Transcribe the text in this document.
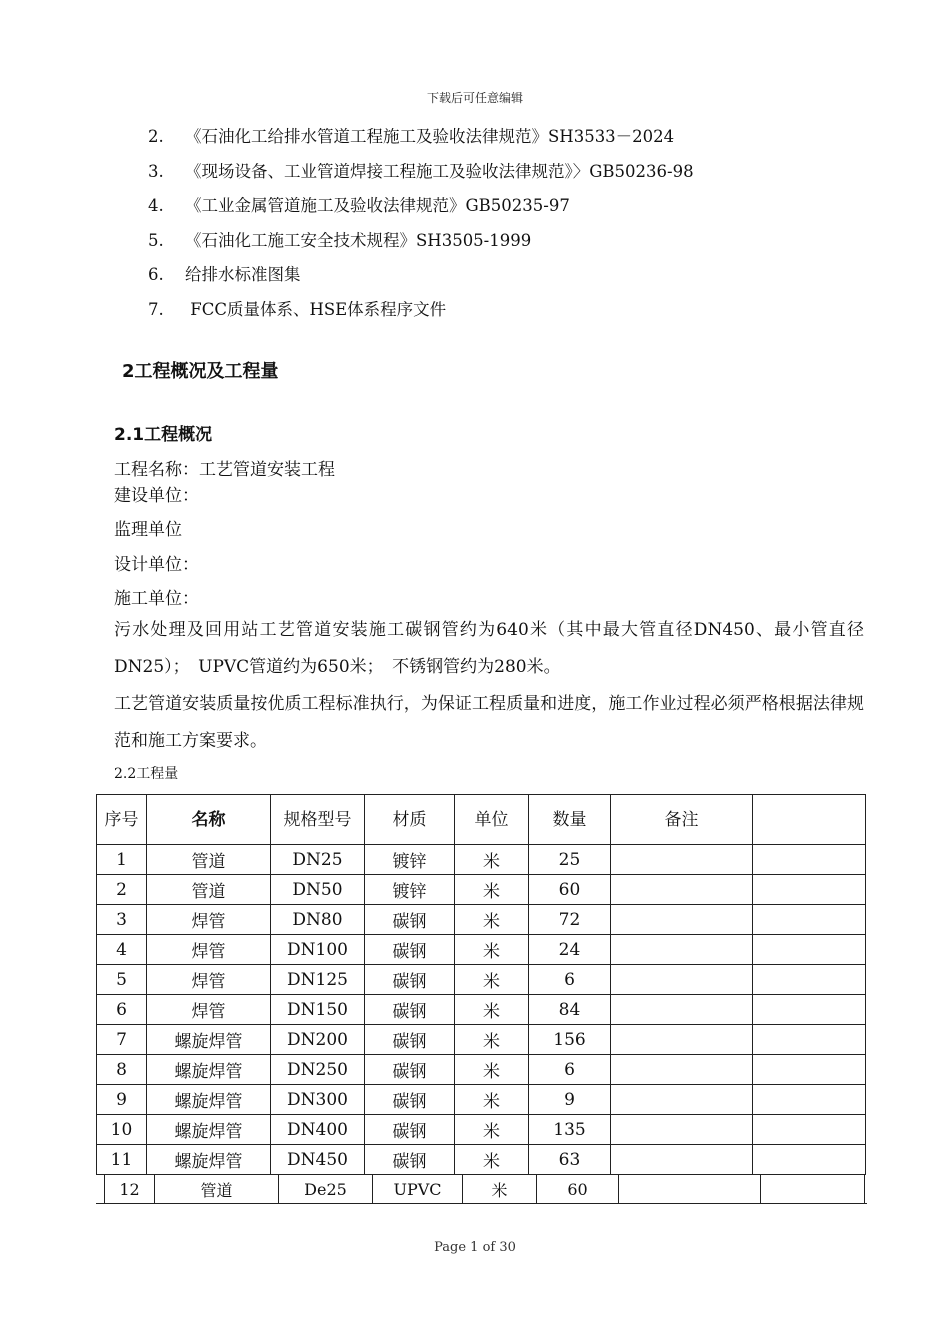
下载后可任意编辑
2. 《石油化工给排水管道工程施工及验收法律规范》SH3533－2024
3. 《现场设备、工业管道焊接工程施工及验收法律规范》〉GB50236-98
4. 《工业金属管道施工及验收法律规范》GB50235-97
5. 《石油化工施工安全技术规程》SH3505-1999
6. 给排水标准图集
7. FCC质量体系、HSE体系程序文件
2工程概况及工程量
2.1工程概况
工程名称：工艺管道安装工程
建设单位：
监理单位
设计单位：
施工单位：

污水处理及回用站工艺管道安装施工碳钢管约为640米（其中最大管直径DN450、最小管直径DN25）；　UPVC管道约为650米；　不锈钢管约为280米。

工艺管道安装质量按优质工程标准执行，为保证工程质量和进度，施工作业过程必须严格根据法律规范和施工方案要求。

2.2工程量
序号	名称	规格型号	材质	单位	数量	备注	
1	管道	DN25	镀锌	米	25		
2	管道	DN50	镀锌	米	60		
3	焊管	DN80	碳钢	米	72		
4	焊管	DN100	碳钢	米	24		
5	焊管	DN125	碳钢	米	6		
6	焊管	DN150	碳钢	米	84		
7	螺旋焊管	DN200	碳钢	米	156		
8	螺旋焊管	DN250	碳钢	米	6		
9	螺旋焊管	DN300	碳钢	米	9		
10	螺旋焊管	DN400	碳钢	米	135		
11	螺旋焊管	DN450	碳钢	米	63		
12	管道	De25	UPVC	米	60		
Page 1 of 30
